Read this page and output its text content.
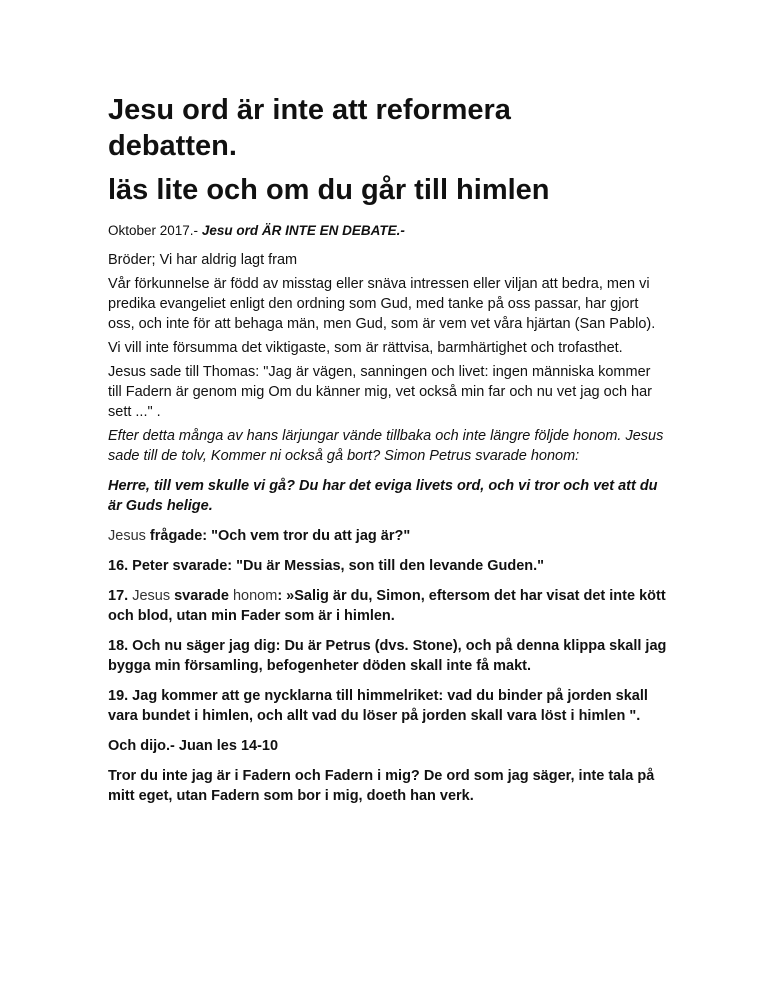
Jesu ord är inte att reformera
debatten.
läs lite och om du går till himlen
Oktober 2017.- Jesu ord ÄR INTE EN DEBATE.-

Bröder; Vi har aldrig lagt fram

Vår förkunnelse är född av misstag eller snäva intressen eller viljan att bedra, men vi predika evangeliet enligt den ordning som Gud, med tanke på oss passar, har gjort oss, och inte för att behaga män, men Gud, som är vem vet våra hjärtan (San Pablo).

Vi vill inte försumma det viktigaste, som är rättvisa, barmhärtighet och trofasthet.

Jesus sade till Thomas: "Jag är vägen, sanningen och livet: ingen människa kommer till Fadern är genom mig Om du känner mig, vet också min far och nu vet jag och har sett ..." .

Efter detta många av hans lärjungar vände tillbaka och inte längre följde honom. Jesus sade till de tolv, Kommer ni också gå bort? Simon Petrus svarade honom:

Herre, till vem skulle vi gå? Du har det eviga livets ord, och vi tror och vet att du är Guds helige.

Jesus frågade: "Och vem tror du att jag är?"

16. Peter svarade: "Du är Messias, son till den levande Guden."

17. Jesus svarade honom: »Salig är du, Simon, eftersom det har visat det inte kött och blod, utan min Fader som är i himlen.

18. Och nu säger jag dig: Du är Petrus (dvs. Stone), och på denna klippa skall jag bygga min församling, befogenheter döden skall inte få makt.

19. Jag kommer att ge nycklarna till himmelriket: vad du binder på jorden skall vara bundet i himlen, och allt vad du löser på jorden skall vara löst i himlen ".

Och dijo.- Juan les 14-10

Tror du inte jag är i Fadern och Fadern i mig? De ord som jag säger, inte tala på mitt eget, utan Fadern som bor i mig, doeth han verk.
